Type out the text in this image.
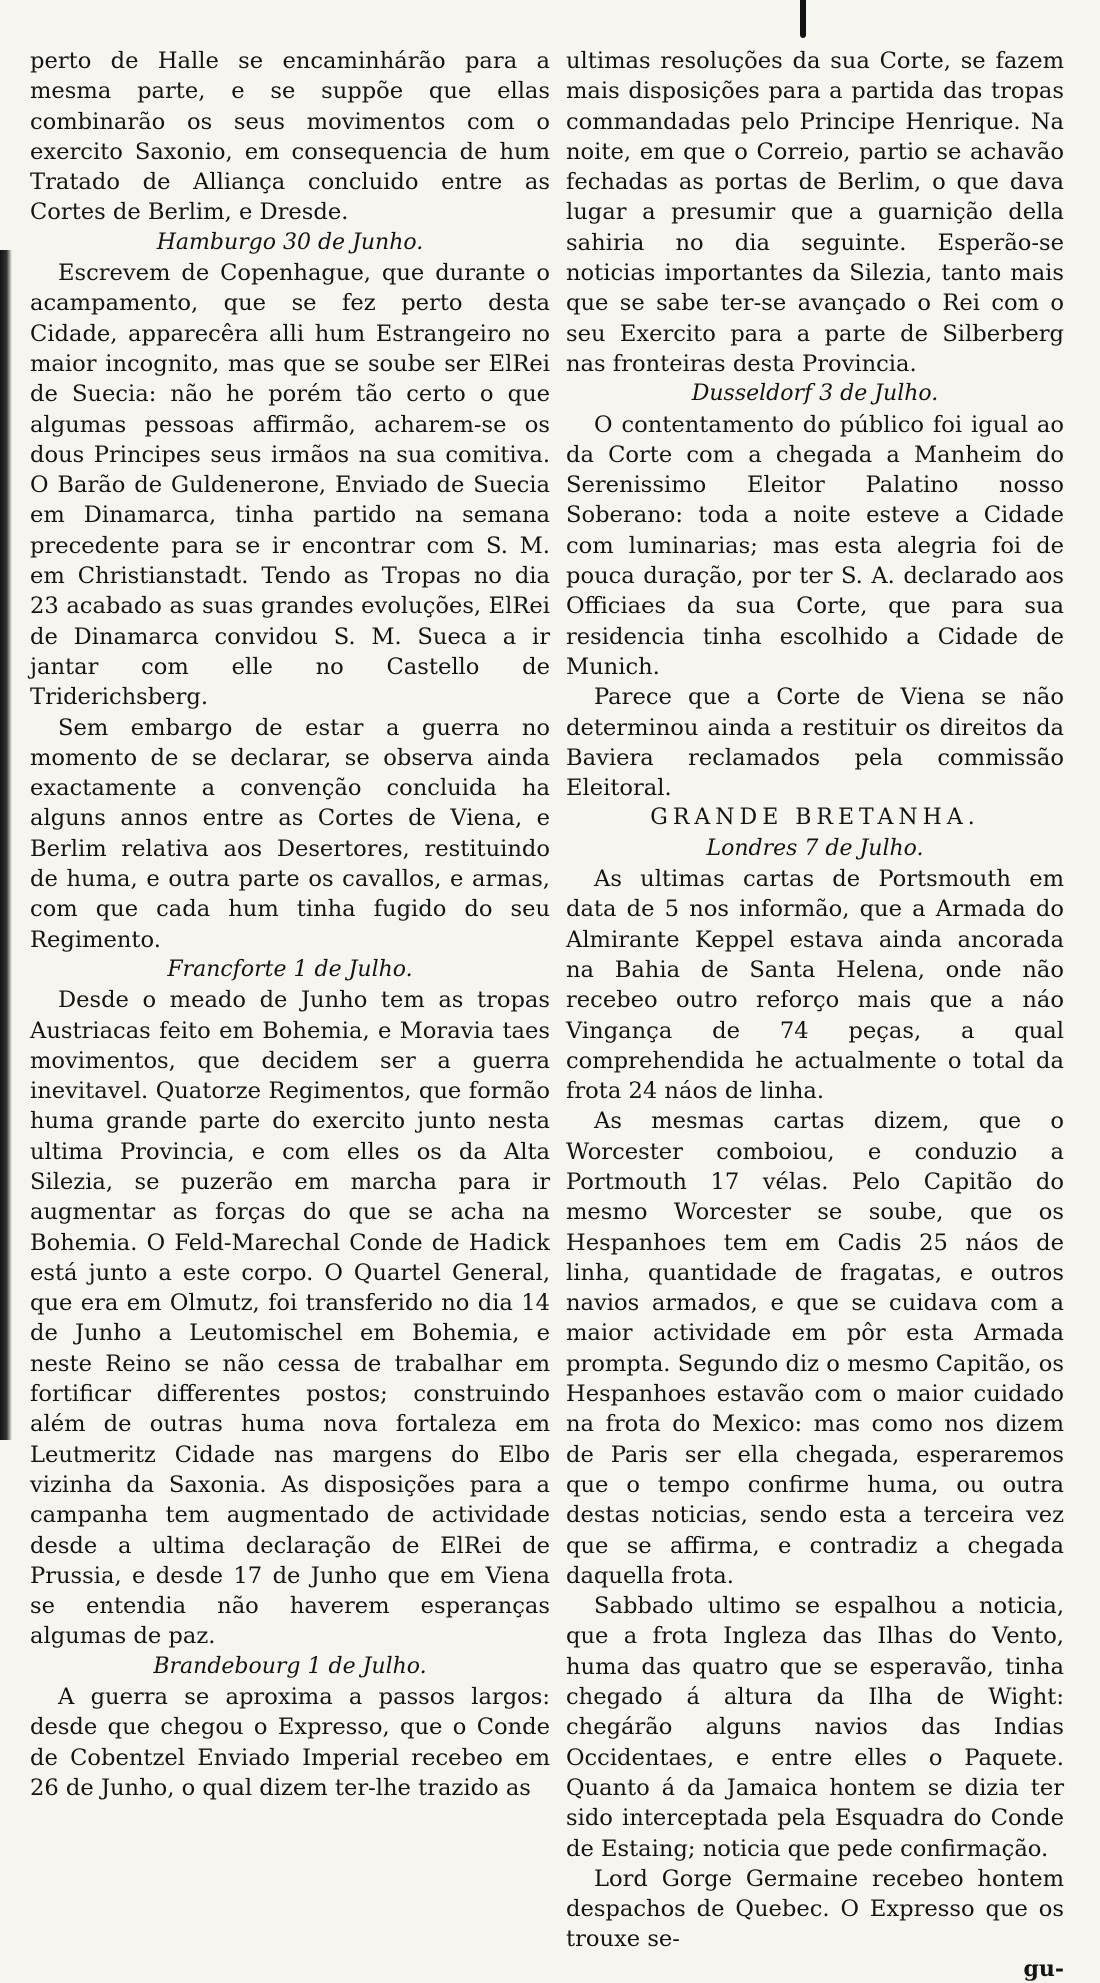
perto de Halle se encaminhárão para a mesma parte, e se suppõe que ellas combinarão os seus movimentos com o exercito Saxonio, em consequencia de hum Tratado de Alliança concluido entre as Cortes de Berlim, e Dresde.

Hamburgo 30 de Junho.

Escrevem de Copenhague, que durante o acampamento, que se fez perto desta Cidade, apparecêra alli hum Estrangeiro no maior incognito, mas que se soube ser ElRei de Suecia: não he porém tão certo o que algumas pessoas affirmão, acharem-se os dous Principes seus irmãos na sua comitiva. O Barão de Guldenerone, Enviado de Suecia em Dinamarca, tinha partido na semana precedente para se ir encontrar com S. M. em Christianstadt. Tendo as Tropas no dia 23 acabado as suas grandes evoluções, ElRei de Dinamarca convidou S. M. Sueca a ir jantar com elle no Castello de Triderichsberg.

Sem embargo de estar a guerra no momento de se declarar, se observa ainda exactamente a convenção concluida ha alguns annos entre as Cortes de Viena, e Berlim relativa aos Desertores, restituindo de huma, e outra parte os cavallos, e armas, com que cada hum tinha fugido do seu Regimento.

Francforte 1 de Julho.

Desde o meado de Junho tem as tropas Austriacas feito em Bohemia, e Moravia taes movimentos, que decidem ser a guerra inevitavel. Quatorze Regimentos, que formão huma grande parte do exercito junto nesta ultima Provincia, e com elles os da Alta Silezia, se puzerão em marcha para ir augmentar as forças do que se acha na Bohemia. O Feld-Marechal Conde de Hadick está junto a este corpo. O Quartel General, que era em Olmutz, foi transferido no dia 14 de Junho a Leutomischel em Bohemia, e neste Reino se não cessa de trabalhar em fortificar differentes postos; construindo além de outras huma nova fortaleza em Leutmeritz Cidade nas margens do Elbo vizinha da Saxonia. As disposições para a campanha tem augmentado de actividade desde a ultima declaração de ElRei de Prussia, e desde 17 de Junho que em Viena se entendia não haverem esperanças algumas de paz.

Brandebourg 1 de Julho.

A guerra se aproxima a passos largos: desde que chegou o Expresso, que o Conde de Cobentzel Enviado Imperial recebeo em 26 de Junho, o qual dizem ter-lhe trazido as

ultimas resoluções da sua Corte, se fazem mais disposições para a partida das tropas commandadas pelo Principe Henrique. Na noite, em que o Correio, partio se achavão fechadas as portas de Berlim, o que dava lugar a presumir que a guarnição della sahiria no dia seguinte. Esperão-se noticias importantes da Silezia, tanto mais que se sabe ter-se avançado o Rei com o seu Exercito para a parte de Silberberg nas fronteiras desta Provincia.

Dusseldorf 3 de Julho.

O contentamento do público foi igual ao da Corte com a chegada a Manheim do Serenissimo Eleitor Palatino nosso Soberano: toda a noite esteve a Cidade com luminarias; mas esta alegria foi de pouca duração, por ter S. A. declarado aos Officiaes da sua Corte, que para sua residencia tinha escolhido a Cidade de Munich.

Parece que a Corte de Viena se não determinou ainda a restituir os direitos da Baviera reclamados pela commissão Eleitoral.

GRANDE BRETANHA.

Londres 7 de Julho.

As ultimas cartas de Portsmouth em data de 5 nos informão, que a Armada do Almirante Keppel estava ainda ancorada na Bahia de Santa Helena, onde não recebeo outro reforço mais que a náo Vingança de 74 peças, a qual comprehendida he actualmente o total da frota 24 náos de linha.

As mesmas cartas dizem, que o Worcester comboiou, e conduzio a Portmouth 17 vélas. Pelo Capitão do mesmo Worcester se soube, que os Hespanhoes tem em Cadis 25 náos de linha, quantidade de fragatas, e outros navios armados, e que se cuidava com a maior actividade em pôr esta Armada prompta. Segundo diz o mesmo Capitão, os Hespanhoes estavão com o maior cuidado na frota do Mexico: mas como nos dizem de Paris ser ella chegada, esperaremos que o tempo confirme huma, ou outra destas noticias, sendo esta a terceira vez que se affirma, e contradiz a chegada daquella frota.

Sabbado ultimo se espalhou a noticia, que a frota Ingleza das Ilhas do Vento, huma das quatro que se esperavão, tinha chegado á altura da Ilha de Wight: chegárão alguns navios das Indias Occidentaes, e entre elles o Paquete. Quanto á da Jamaica hontem se dizia ter sido interceptada pela Esquadra do Conde de Estaing; noticia que pede confirmação.

Lord Gorge Germaine recebeo hontem despachos de Quebec. O Expresso que os trouxe se-

gu-
